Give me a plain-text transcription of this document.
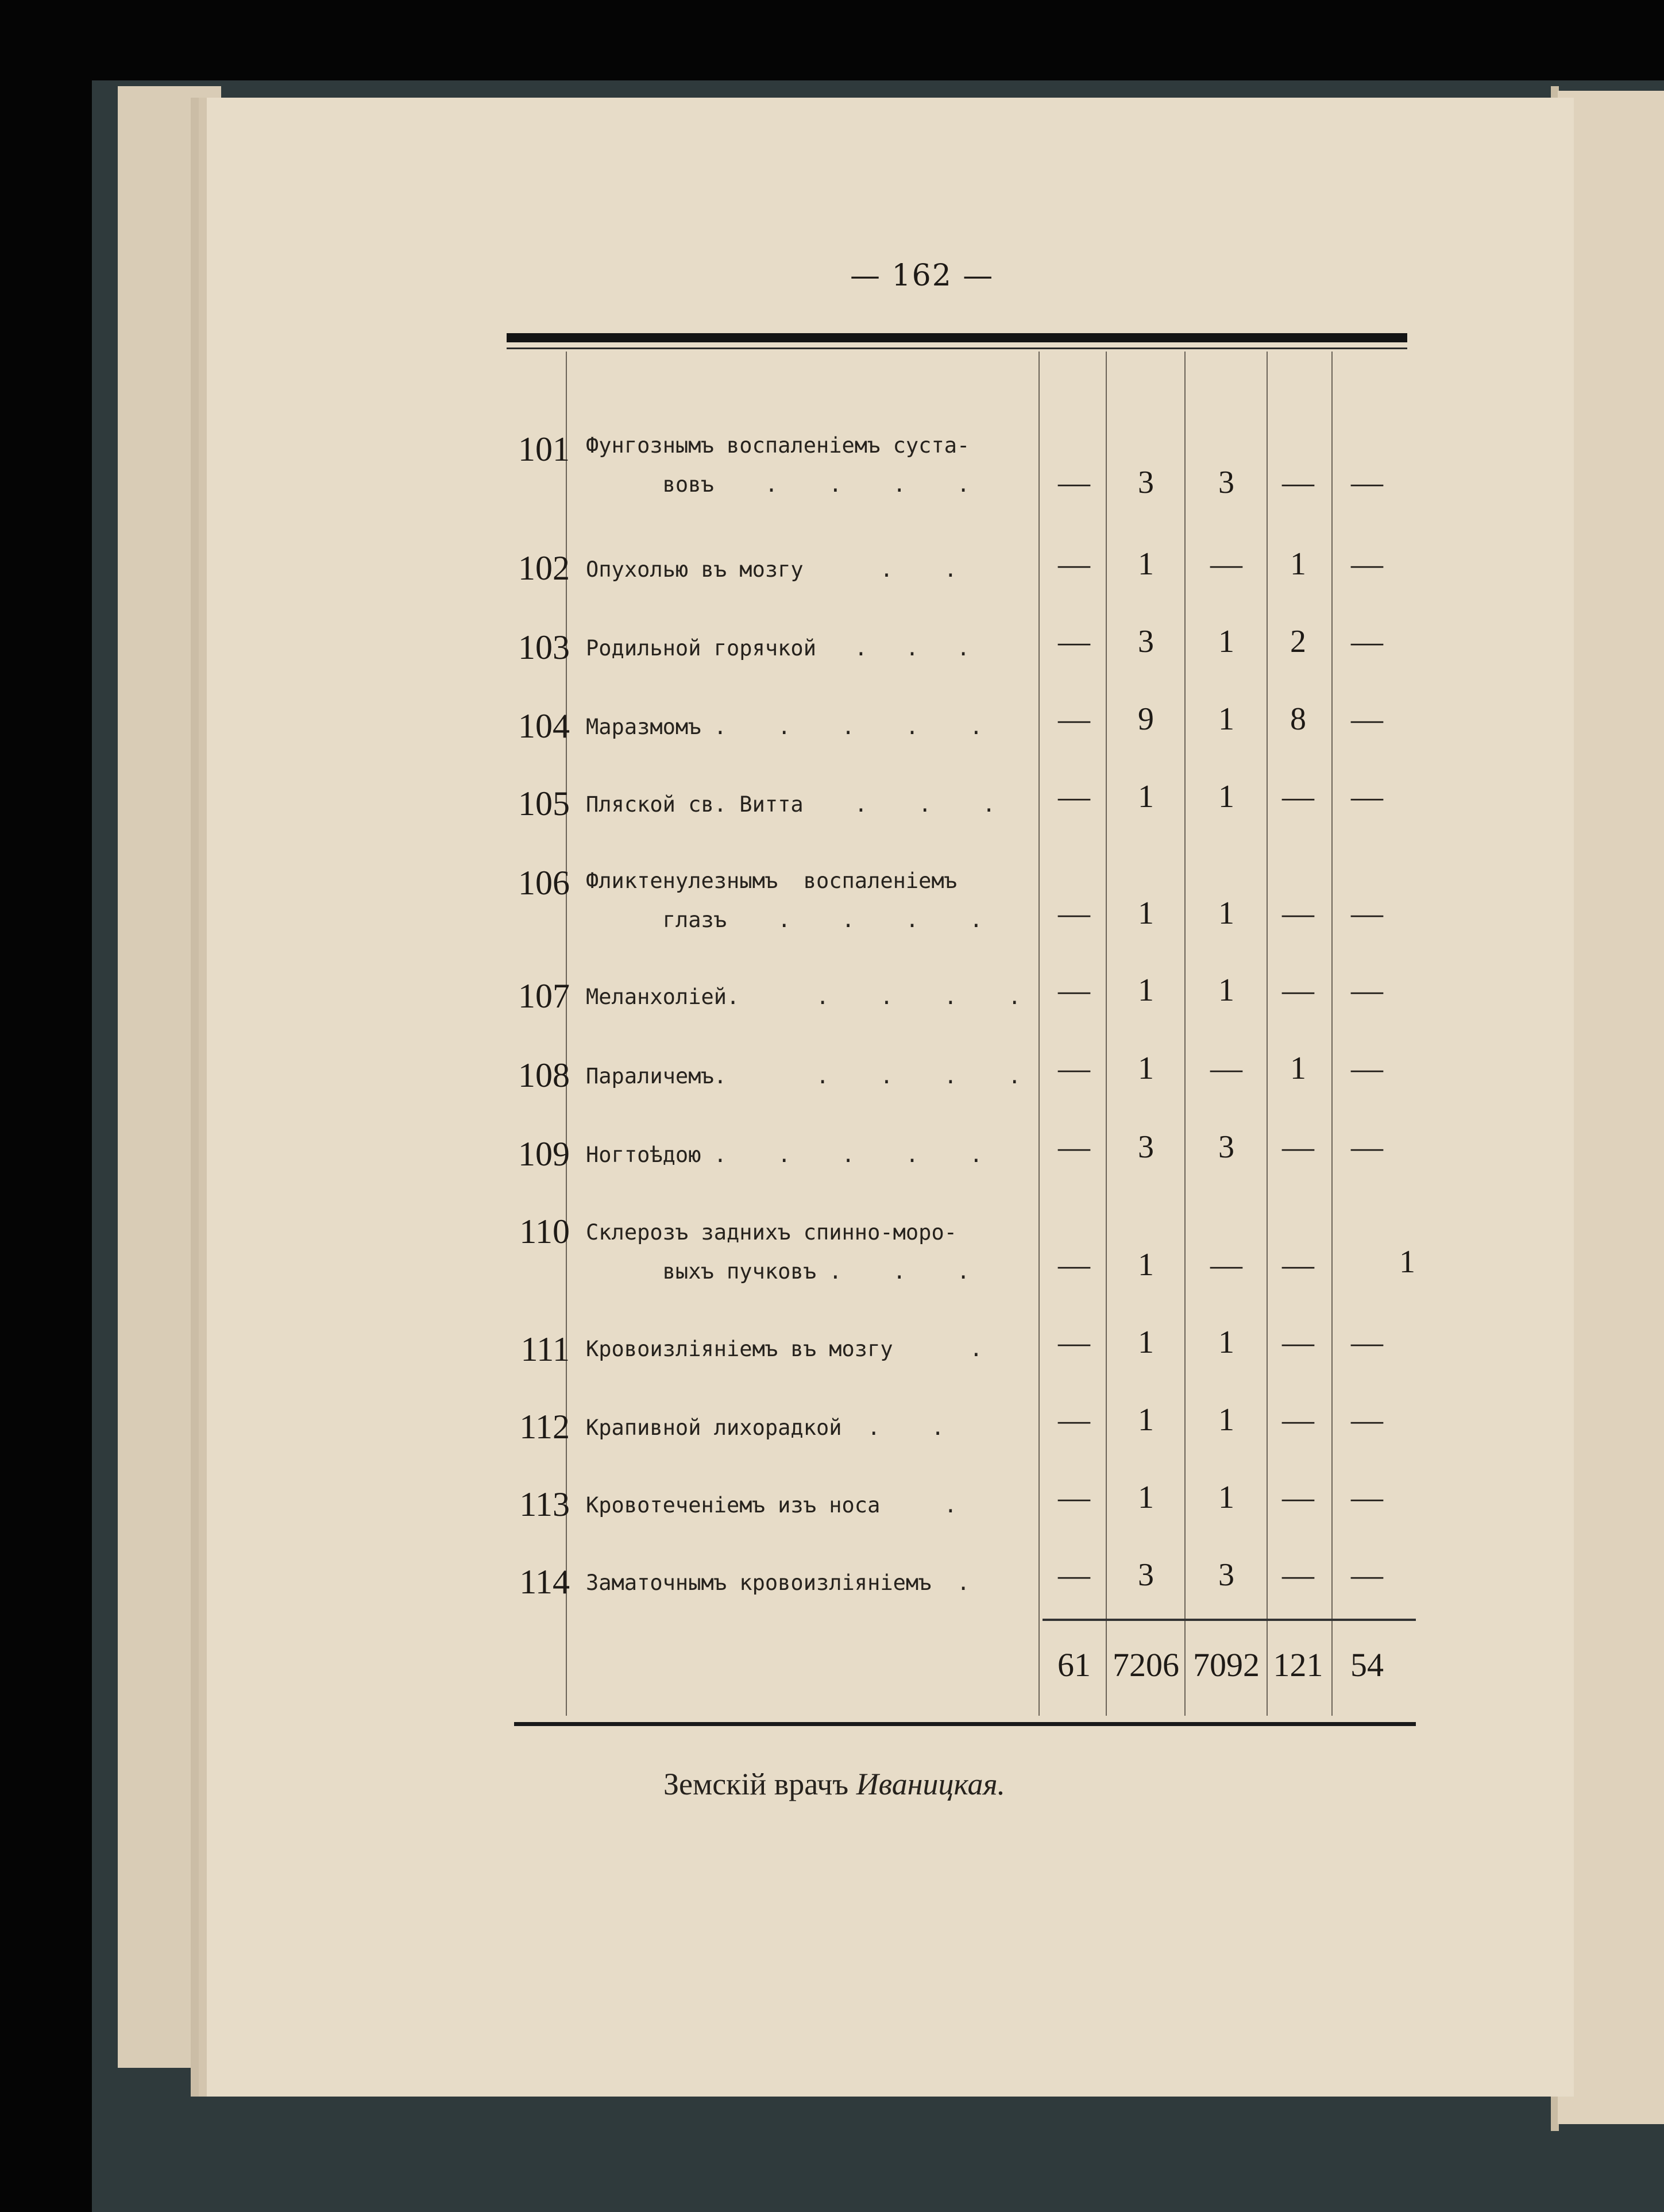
— 162 —
101 Фунгознымъ воспаленіемъ суста-
вовъ    .    .    .    .	—	3	3	—	—
102 Опухолью въ мозгу      .    .	—	1	—	1	—
103 Родильной горячкой   .   .   .	—	3	1	2	—
104 Маразмомъ .    .    .    .    .	—	9	1	8	—
105 Пляской св. Витта    .    .    .	—	1	1	—	—
106 Фликтенулезнымъ  воспаленіемъ
глазъ    .    .    .    .	—	1	1	—	—
107 Меланхоліей.      .    .    .    .	—	1	1	—	—
108 Параличемъ.       .    .    .    .	—	1	—	1	—
109 Ногтоѣдою .    .    .    .    .	—	3	3	—	—
110 Склерозъ заднихъ спинно-моро-
выхъ пучковъ .    .    .	—	1	—	—	1
111 Кровоизліяніемъ въ мозгу      .	—	1	1	—	—
112 Крапивной лихорадкой  .    .	—	1	1	—	—
113 Кровотеченіемъ изъ носа     .	—	1	1	—	—
114 Заматочнымъ кровоизліяніемъ  .	—	3	3	—	—
61 7206 7092 121 54
Земскій врачъ Иваницкая.
